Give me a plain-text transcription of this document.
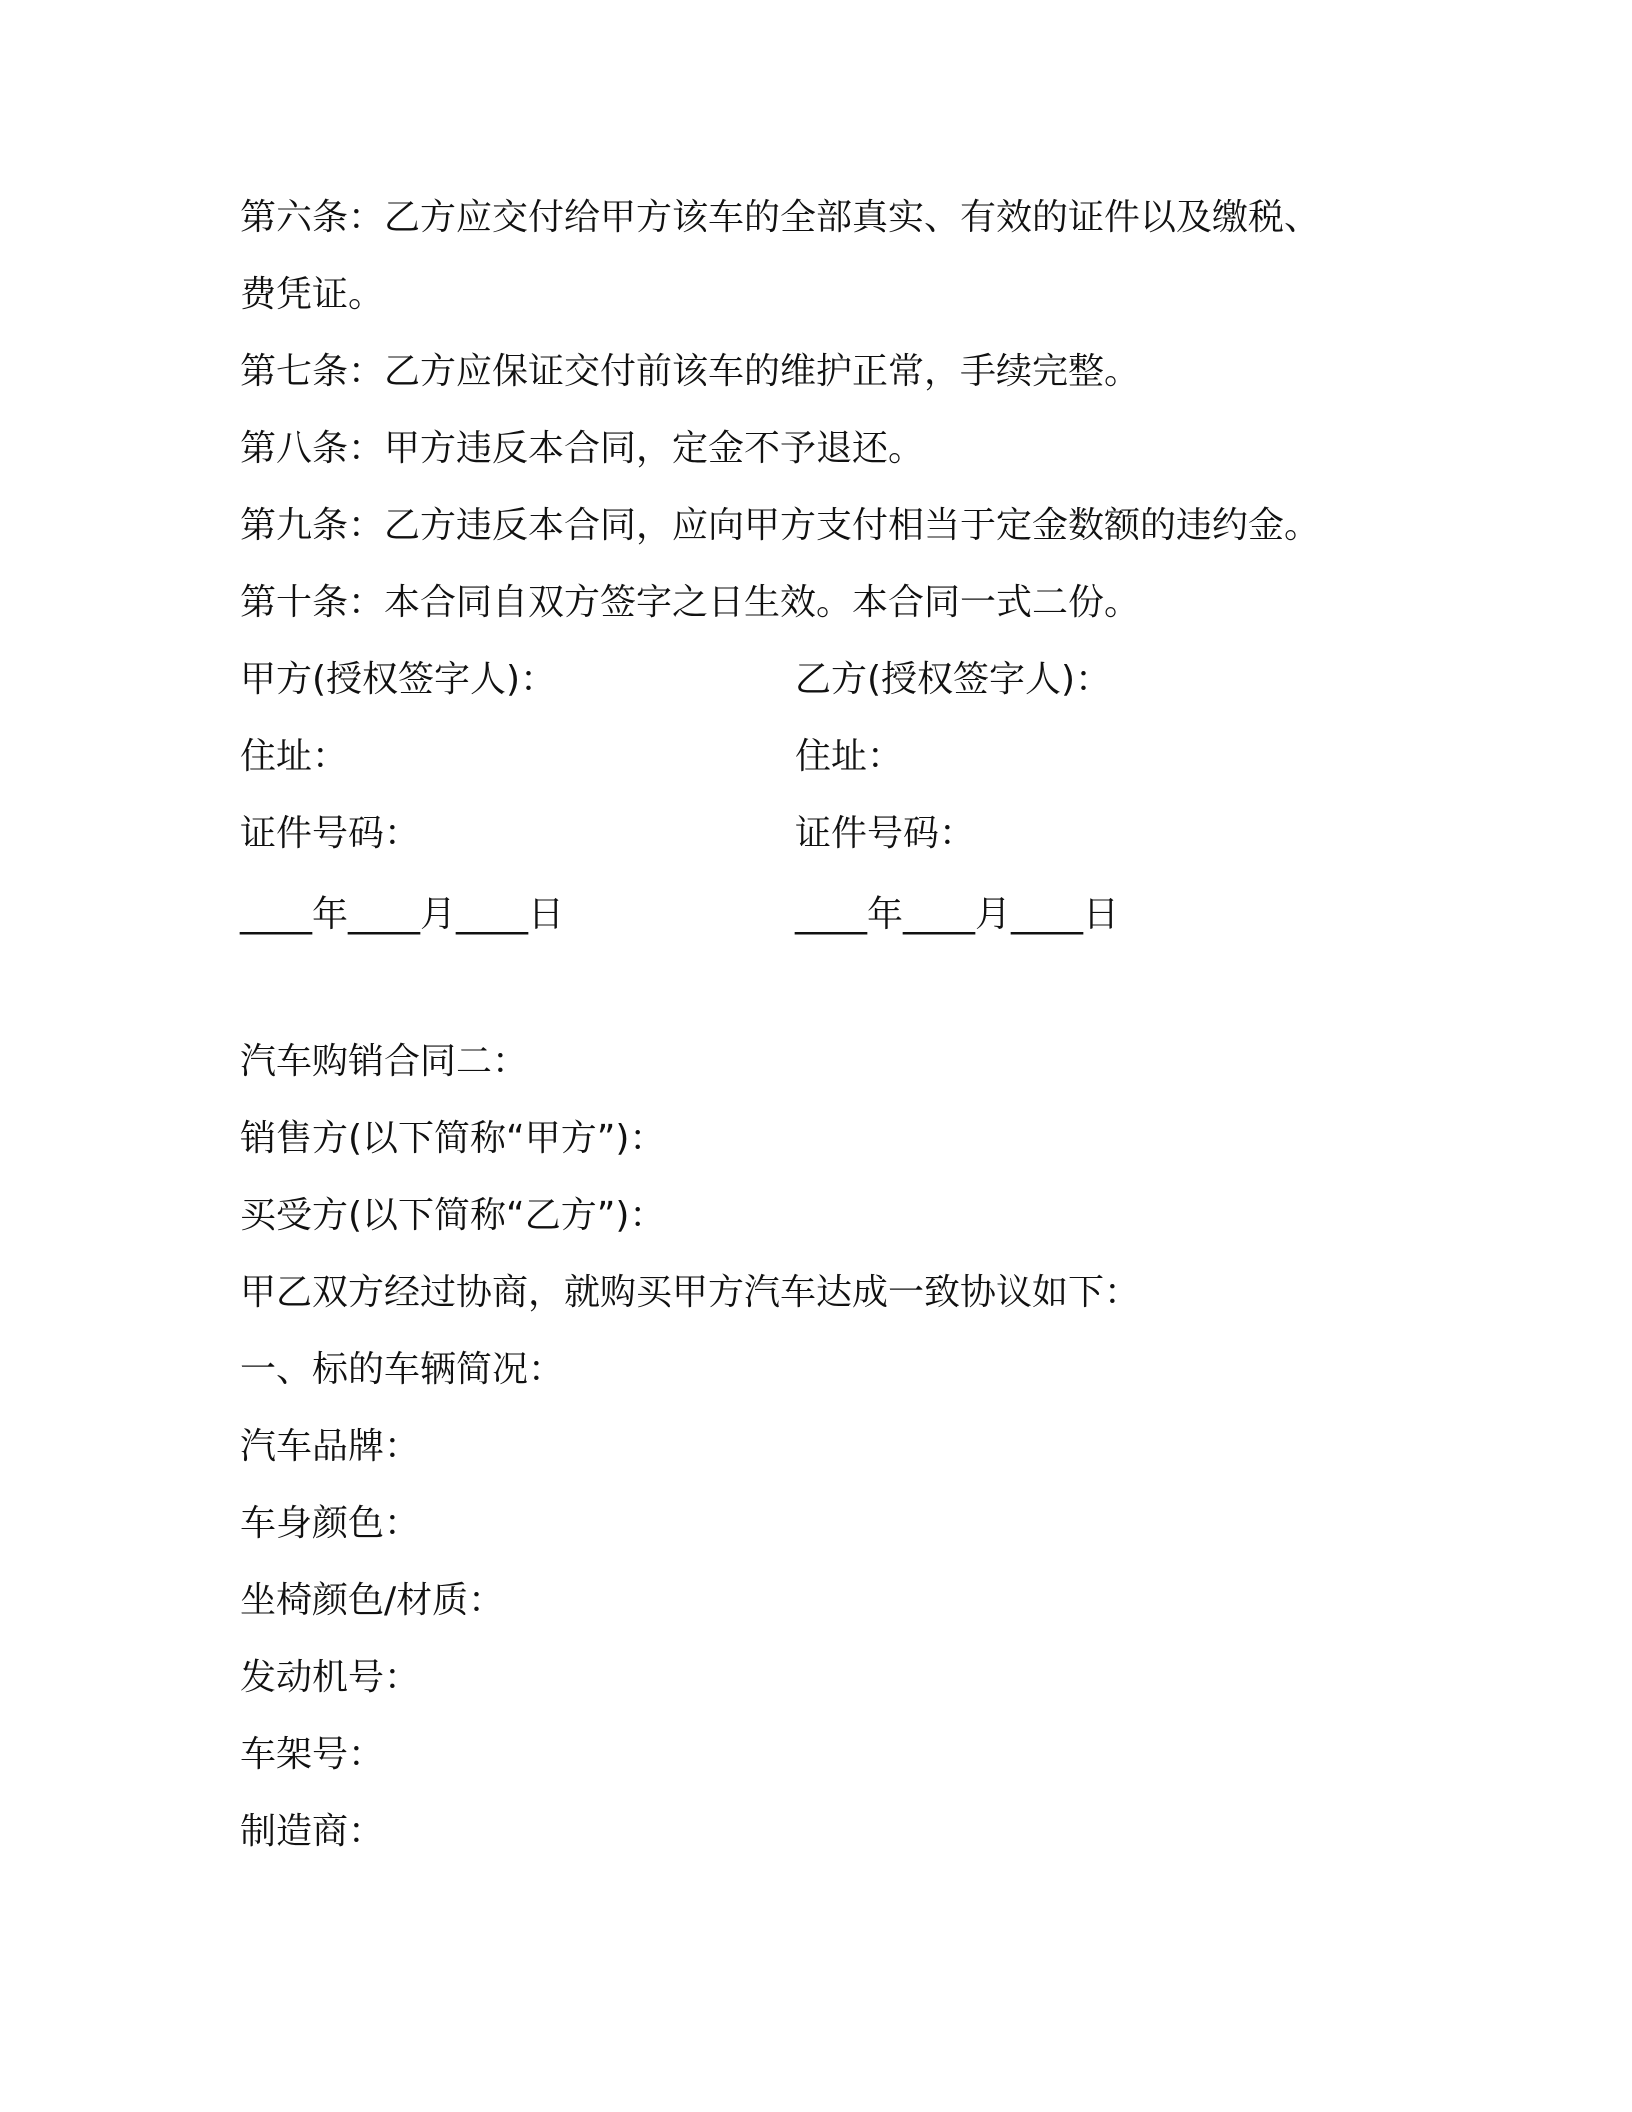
第六条：乙方应交付给甲方该车的全部真实、有效的证件以及缴税、
费凭证。
第七条：乙方应保证交付前该车的维护正常，手续完整。
第八条：甲方违反本合同，定金不予退还。
第九条：乙方违反本合同，应向甲方支付相当于定金数额的违约金。
第十条：本合同自双方签字之日生效。本合同一式二份。
甲方(授权签字人)：	乙方(授权签字人)：
住址：	住址：
证件号码：	证件号码：
____年____月____日	____年____月____日
汽车购销合同二：
销售方(以下简称“甲方”)：
买受方(以下简称“乙方”)：
甲乙双方经过协商，就购买甲方汽车达成一致协议如下：
一、标的车辆简况：
汽车品牌：
车身颜色：
坐椅颜色/材质：
发动机号：
车架号：
制造商：
